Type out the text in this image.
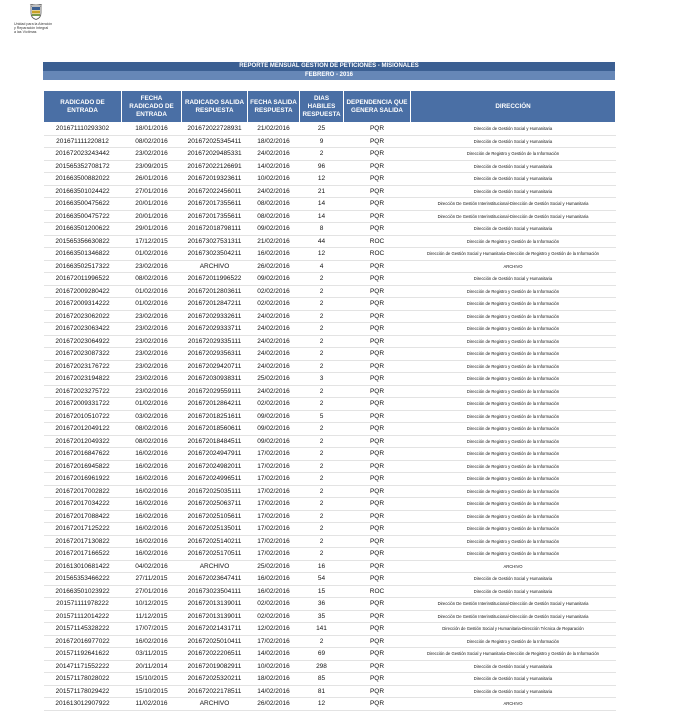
Unidad para la Atención
y Reparación Integral
a las Víctimas
REPORTE MENSUAL GESTION DE PETICIONES - MISIONALES
FEBRERO - 2016
RADICADO DE ENTRADA	FECHA RADICADO DE ENTRADA	RADICADO SALIDA RESPUESTA	FECHA SALIDA RESPUESTA	DIAS HABILES RESPUESTA	DEPENDENCIA QUE GENERA SALIDA	DIRECCIÓN
201671110293302	18/01/2016	201672022728931	21/02/2016	25	PQR	Dirección de Gestión Social y Humanitaria
201671111220812	08/02/2016	201672025345411	18/02/2016	9	PQR	Dirección de Gestión Social y Humanitaria
201672023243442	23/02/2016	201672029485331	24/02/2016	2	PQR	Dirección de Registro y Gestión de la Información
201565352708172	23/09/2015	201672022126691	14/02/2016	96	PQR	Dirección de Gestión Social y Humanitaria
201663500882022	26/01/2016	201672019323611	10/02/2016	12	PQR	Dirección de Gestión Social y Humanitaria
201663501024422	27/01/2016	201672022456011	24/02/2016	21	PQR	Dirección de Gestión Social y Humanitaria
201663500475622	20/01/2016	201672017355611	08/02/2016	14	PQR	Dirección De Gestión Interinstitucional-Dirección de Gestión Social y Humanitaria
201663500475722	20/01/2016	201672017355611	08/02/2016	14	PQR	Dirección De Gestión Interinstitucional-Dirección de Gestión Social y Humanitaria
201663501200622	29/01/2016	201672018798111	09/02/2016	8	PQR	Dirección de Gestión Social y Humanitaria
201565356630822	17/12/2015	201673027531311	21/02/2016	44	ROC	Dirección de Registro y Gestión de la Información
201663501346822	01/02/2016	201673023504211	16/02/2016	12	ROC	Dirección de Gestión Social y Humanitaria-Dirección de Registro y Gestión de la Información
201663502517322	23/02/2016	ARCHIVO	26/02/2016	4	PQR	ARCHIVO
201672011996522	08/02/2016	201672011996522	09/02/2016	2	PQR	Dirección de Gestión Social y Humanitaria
201672009280422	01/02/2016	201672012803611	02/02/2016	2	PQR	Dirección de Registro y Gestión de la Información
201672009314222	01/02/2016	201672012847211	02/02/2016	2	PQR	Dirección de Registro y Gestión de la Información
201672023062022	23/02/2016	201672029332611	24/02/2016	2	PQR	Dirección de Registro y Gestión de la Información
201672023063422	23/02/2016	201672029333711	24/02/2016	2	PQR	Dirección de Registro y Gestión de la Información
201672023064922	23/02/2016	201672029335111	24/02/2016	2	PQR	Dirección de Registro y Gestión de la Información
201672023087322	23/02/2016	201672029356311	24/02/2016	2	PQR	Dirección de Registro y Gestión de la Información
201672023176722	23/02/2016	201672029420711	24/02/2016	2	PQR	Dirección de Registro y Gestión de la Información
201672023194822	23/02/2016	201672030938311	25/02/2016	3	PQR	Dirección de Registro y Gestión de la Información
201672023275722	23/02/2016	201672029559111	24/02/2016	2	PQR	Dirección de Registro y Gestión de la Información
201672009331722	01/02/2016	201672012864211	02/02/2016	2	PQR	Dirección de Registro y Gestión de la Información
201672010510722	03/02/2016	201672018251611	09/02/2016	5	PQR	Dirección de Registro y Gestión de la Información
201672012049122	08/02/2016	201672018560611	09/02/2016	2	PQR	Dirección de Registro y Gestión de la Información
201672012049322	08/02/2016	201672018484511	09/02/2016	2	PQR	Dirección de Registro y Gestión de la Información
201672016847622	16/02/2016	201672024947911	17/02/2016	2	PQR	Dirección de Registro y Gestión de la Información
201672016945822	16/02/2016	201672024982011	17/02/2016	2	PQR	Dirección de Registro y Gestión de la Información
201672016961922	16/02/2016	201672024996511	17/02/2016	2	PQR	Dirección de Registro y Gestión de la Información
201672017002822	16/02/2016	201672025035111	17/02/2016	2	PQR	Dirección de Registro y Gestión de la Información
201672017034222	16/02/2016	201672025063711	17/02/2016	2	PQR	Dirección de Registro y Gestión de la Información
201672017088422	16/02/2016	201672025105611	17/02/2016	2	PQR	Dirección de Registro y Gestión de la Información
201672017125222	16/02/2016	201672025135011	17/02/2016	2	PQR	Dirección de Registro y Gestión de la Información
201672017130822	16/02/2016	201672025140211	17/02/2016	2	PQR	Dirección de Registro y Gestión de la Información
201672017166522	16/02/2016	201672025170511	17/02/2016	2	PQR	Dirección de Registro y Gestión de la Información
201613010681422	04/02/2016	ARCHIVO	25/02/2016	16	PQR	ARCHIVO
201565353466222	27/11/2015	201672023647411	16/02/2016	54	PQR	Dirección de Gestión Social y Humanitaria
201663501023922	27/01/2016	201673023504111	16/02/2016	15	ROC	Dirección de Gestión Social y Humanitaria
201571111978222	10/12/2015	201672013139011	02/02/2016	36	PQR	Dirección De Gestión Interinstitucional-Dirección de Gestión Social y Humanitaria
201571112014222	11/12/2015	201672013139011	02/02/2016	35	PQR	Dirección De Gestión Interinstitucional-Dirección de Gestión Social y Humanitaria
201571145328222	17/07/2015	201672021431711	12/02/2016	141	PQR	Dirección de Gestión Social y Humanitaria-Dirección Técnica de Reparación
201672016977022	16/02/2016	201672025010411	17/02/2016	2	PQR	Dirección de Registro y Gestión de la Información
201571192641622	03/11/2015	201672022206511	14/02/2016	69	PQR	Dirección de Gestión Social y Humanitaria-Dirección de Registro y Gestión de la Información
201471171552222	20/11/2014	201672019082911	10/02/2016	298	PQR	Dirección de Gestión Social y Humanitaria
201571178028022	15/10/2015	201672025320211	18/02/2016	85	PQR	Dirección de Gestión Social y Humanitaria
201571178029422	15/10/2015	201672022178511	14/02/2016	81	PQR	Dirección de Gestión Social y Humanitaria
201613012907922	11/02/2016	ARCHIVO	26/02/2016	12	PQR	ARCHIVO
